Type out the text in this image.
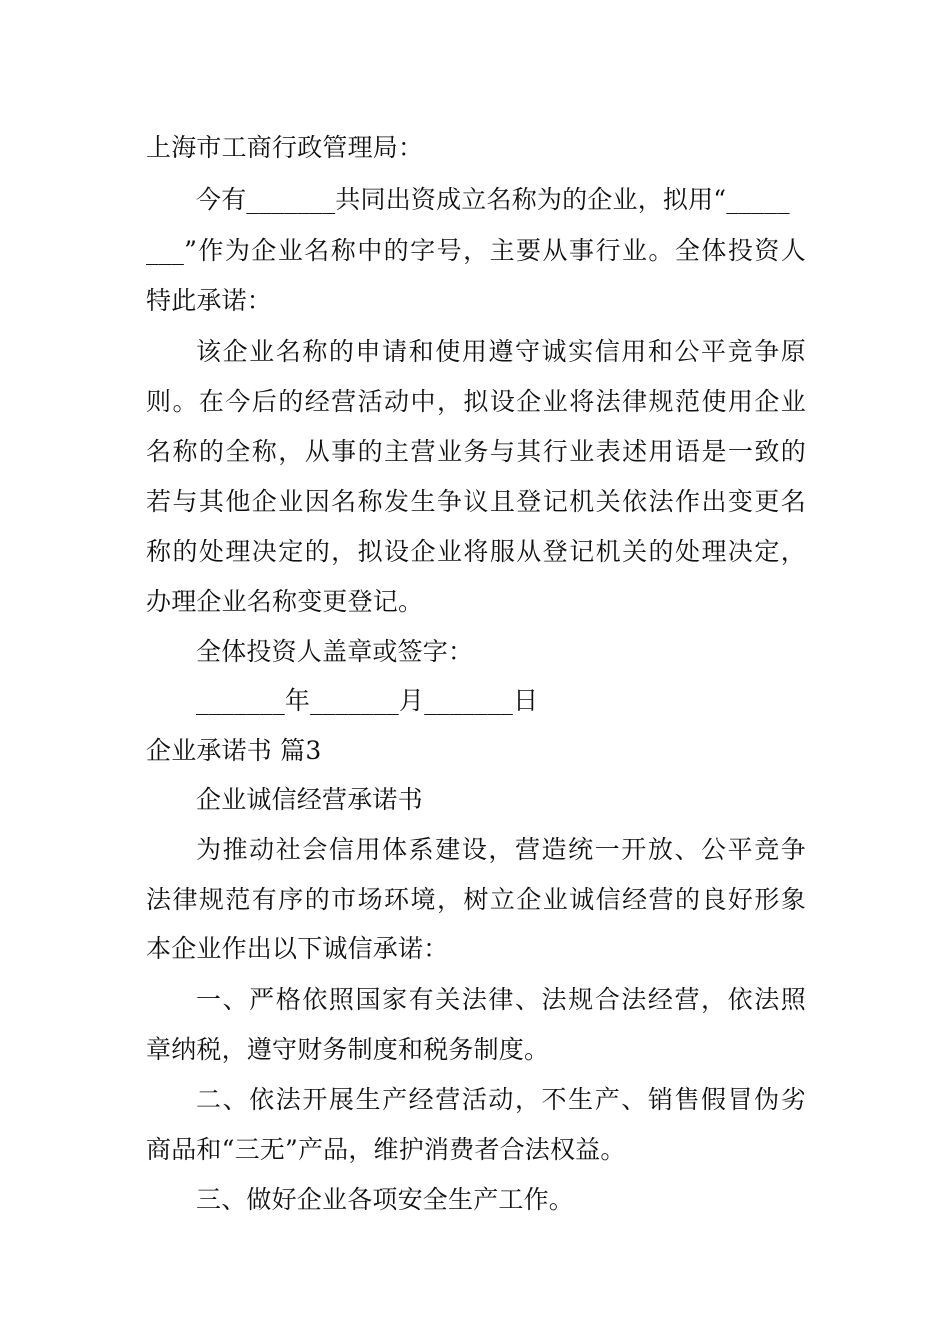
上海市工商行政管理局：
今有_______共同出资成立名称为的企业，拟用“_____
___”作为企业名称中的字号，主要从事行业。全体投资人
特此承诺：
该企业名称的申请和使用遵守诚实信用和公平竞争原
则。在今后的经营活动中，拟设企业将法律规范使用企业
名称的全称，从事的主营业务与其行业表述用语是一致的
若与其他企业因名称发生争议且登记机关依法作出变更名
称的处理决定的，拟设企业将服从登记机关的处理决定，
办理企业名称变更登记。
全体投资人盖章或签字：
_______年_______月_______日
企业承诺书 篇3
企业诚信经营承诺书
为推动社会信用体系建设，营造统一开放、公平竞争
法律规范有序的市场环境，树立企业诚信经营的良好形象
本企业作出以下诚信承诺：
一、严格依照国家有关法律、法规合法经营，依法照
章纳税，遵守财务制度和税务制度。
二、依法开展生产经营活动，不生产、销售假冒伪劣
商品和“三无”产品，维护消费者合法权益。
三、做好企业各项安全生产工作。
